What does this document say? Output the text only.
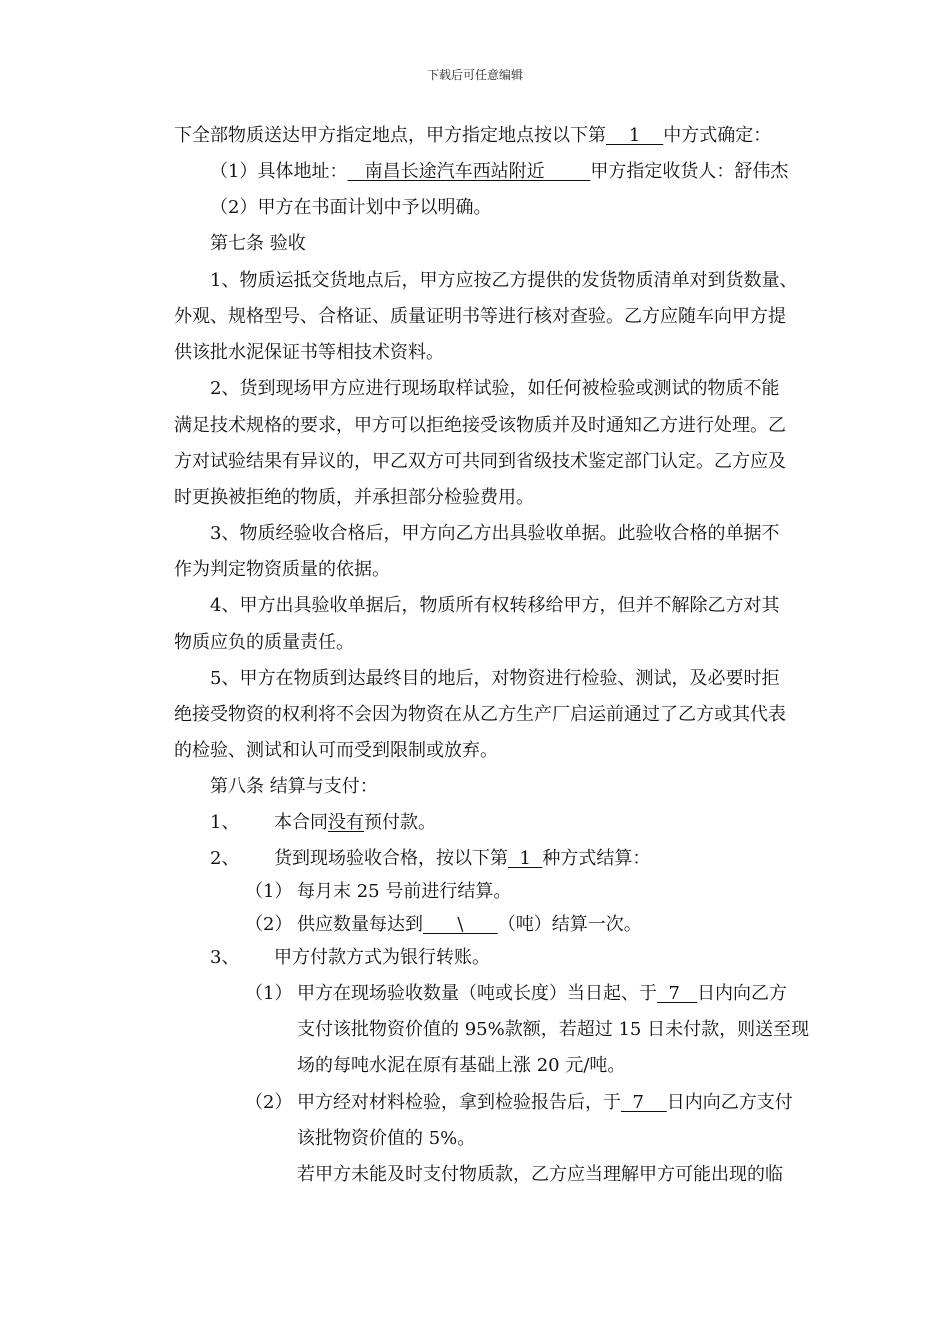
下载后可任意编辑
下全部物质送达甲方指定地点，甲方指定地点按以下第    1    中方式确定：
（1）具体地址：   南昌长途汽车西站附近        甲方指定收货人：舒伟杰
（2）甲方在书面计划中予以明确。
第七条 验收
1、物质运抵交货地点后，甲方应按乙方提供的发货物质清单对到货数量、
外观、规格型号、合格证、质量证明书等进行核对查验。乙方应随车向甲方提
供该批水泥保证书等相技术资料。
2、货到现场甲方应进行现场取样试验，如任何被检验或测试的物质不能
满足技术规格的要求，甲方可以拒绝接受该物质并及时通知乙方进行处理。乙
方对试验结果有异议的，甲乙双方可共同到省级技术鉴定部门认定。乙方应及
时更换被拒绝的物质，并承担部分检验费用。
3、物质经验收合格后，甲方向乙方出具验收单据。此验收合格的单据不
作为判定物资质量的依据。
4、甲方出具验收单据后，物质所有权转移给甲方，但并不解除乙方对其
物质应负的质量责任。
5、甲方在物质到达最终目的地后，对物资进行检验、测试，及必要时拒
绝接受物资的权利将不会因为物资在从乙方生产厂启运前通过了乙方或其代表
的检验、测试和认可而受到限制或放弃。
第八条 结算与支付：
1、 本合同没有预付款。
2、 货到现场验收合格，按以下第  1  种方式结算：
（1） 每月末 25 号前进行结算。
（2） 供应数量每达到      \      （吨）结算一次。
3、 甲方付款方式为银行转账。
（1） 甲方在现场验收数量（吨或长度）当日起、于  7   日内向乙方
支付该批物资价值的 95%款额，若超过 15 日未付款，则送至现
场的每吨水泥在原有基础上涨 20 元/吨。
（2） 甲方经对材料检验，拿到检验报告后，于  7    日内向乙方支付
该批物资价值的 5%。
若甲方未能及时支付物质款，乙方应当理解甲方可能出现的临
